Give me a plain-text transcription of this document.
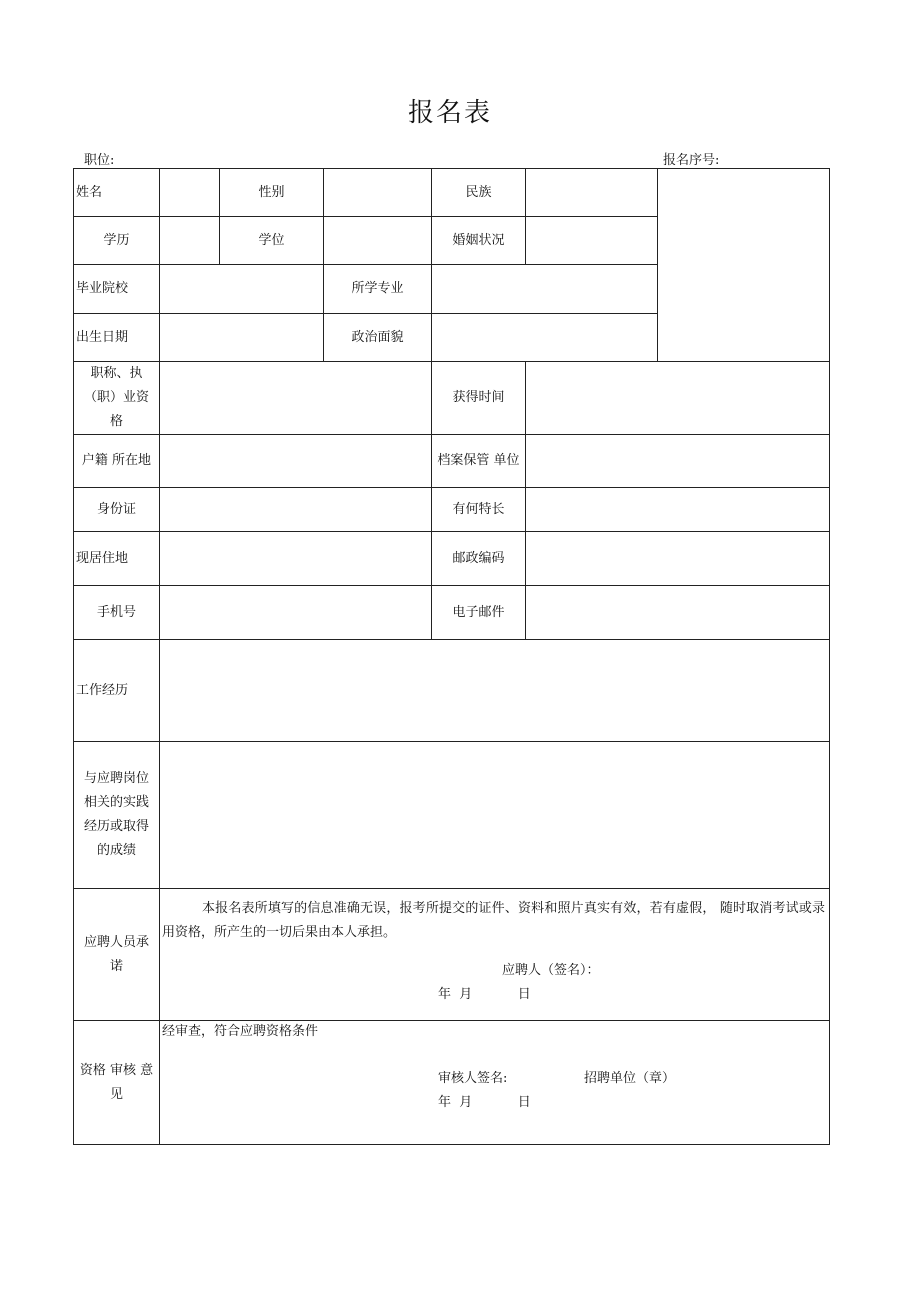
报名表
职位:	报名序号:
姓名		性别		民族		
学历		学位		婚姻状况		
毕业院校			所学专业			
出生日期			政治面貌			
职称、执（职）业资格				获得时间		
户籍 所在地				档案保管 单位		
身份证				有何特长		
现居住地				邮政编码		
手机号				电子邮件		
工作经历						
与应聘岗位相关的实践经历或取得的成绩						
应聘人员承诺	本报名表所填写的信息准确无误，报考所提交的证件、资料和照片真实有效，若有虚假， 随时取消考试或录用资格，所产生的一切后果由本人承担。
应聘人（签名）：
年  月           日					

资格 审核 意见	经审查，符合应聘资格条件
审核人签名: 招聘单位（章）
年  月           日					
